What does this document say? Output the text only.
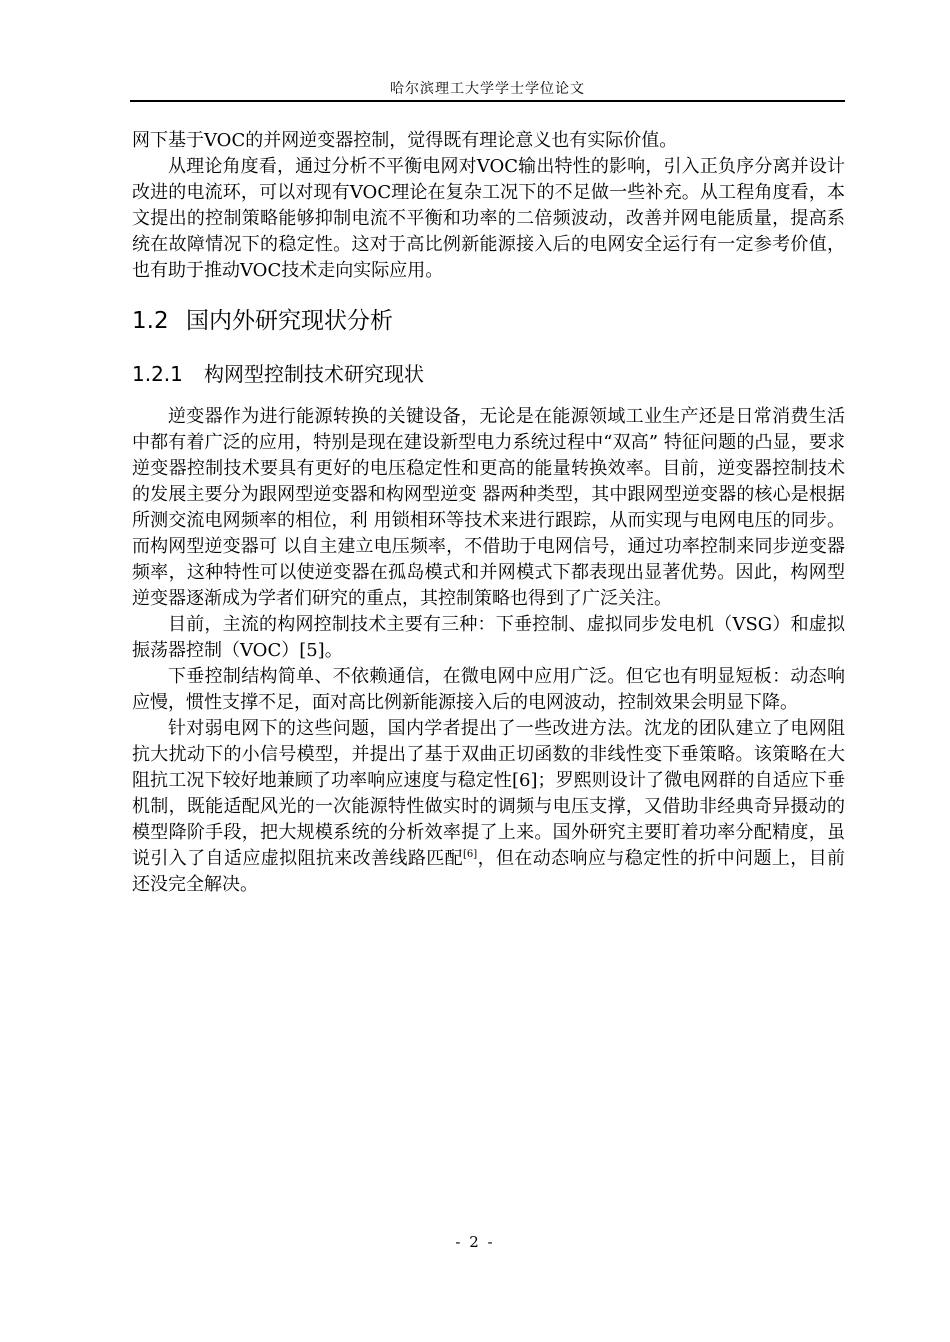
哈尔滨理工大学学士学位论文

网下基于VOC的并网逆变器控制，觉得既有理论意义也有实际价值。

从理论角度看，通过分析不平衡电网对VOC输出特性的影响，引入正负序分离并设计改进的电流环，可以对现有VOC理论在复杂工况下的不足做一些补充。从工程角度看，本文提出的控制策略能够抑制电流不平衡和功率的二倍频波动，改善并网电能质量，提高系统在故障情况下的稳定性。这对于高比例新能源接入后的电网安全运行有一定参考价值，也有助于推动VOC技术走向实际应用。

1.2 国内外研究现状分析
1.2.1 构网型控制技术研究现状

逆变器作为进行能源转换的关键设备，无论是在能源领域工业生产还是日常消费生活中都有着广泛的应用，特别是现在建设新型电力系统过程中“双高” 特征问题的凸显，要求逆变器控制技术要具有更好的电压稳定性和更高的能量转换效率。目前，逆变器控制技术的发展主要分为跟网型逆变器和构网型逆变 器两种类型，其中跟网型逆变器的核心是根据所测交流电网频率的相位，利 用锁相环等技术来进行跟踪，从而实现与电网电压的同步。而构网型逆变器可 以自主建立电压频率，不借助于电网信号，通过功率控制来同步逆变器频率，这种特性可以使逆变器在孤岛模式和并网模式下都表现出显著优势。因此，构网型逆变器逐渐成为学者们研究的重点，其控制策略也得到了广泛关注。

目前，主流的构网控制技术主要有三种：下垂控制、虚拟同步发电机（VSG）和虚拟振荡器控制（VOC）[5]。

下垂控制结构简单、不依赖通信，在微电网中应用广泛。但它也有明显短板：动态响应慢，惯性支撑不足，面对高比例新能源接入后的电网波动，控制效果会明显下降。

针对弱电网下的这些问题，国内学者提出了一些改进方法。沈龙的团队建立了电网阻抗大扰动下的小信号模型，并提出了基于双曲正切函数的非线性变下垂策略。该策略在大阻抗工况下较好地兼顾了功率响应速度与稳定性[6]；罗熙则设计了微电网群的自适应下垂机制，既能适配风光的一次能源特性做实时的调频与电压支撑，又借助非经典奇异摄动的模型降阶手段，把大规模系统的分析效率提了上来。国外研究主要盯着功率分配精度，虽说引入了自适应虚拟阻抗来改善线路匹配[6]，但在动态响应与稳定性的折中问题上，目前还没完全解决。

- 2 -
